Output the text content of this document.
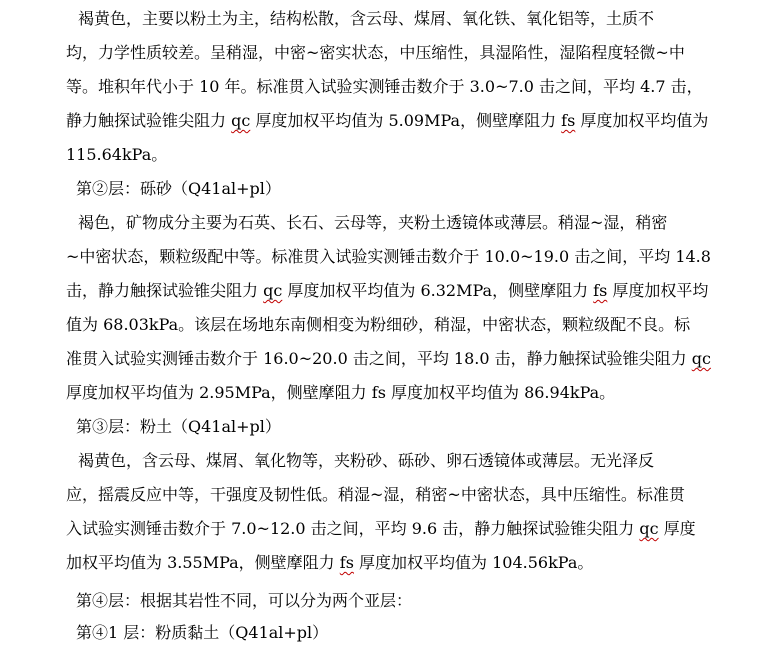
褐黄色，主要以粉土为主，结构松散，含云母、煤屑、氧化铁、氧化铝等，土质不
均，力学性质较差。呈稍湿，中密~密实状态，中压缩性，具湿陷性，湿陷程度轻微~中
等。堆积年代小于 10 年。标准贯入试验实测锤击数介于 3.0~7.0 击之间，平均 4.7 击，
静力触探试验锥尖阻力 qc 厚度加权平均值为 5.09MPa，侧壁摩阻力 fs 厚度加权平均值为
115.64kPa。
第②层：砾砂（Q41al+pl）
褐色，矿物成分主要为石英、长石、云母等，夹粉土透镜体或薄层。稍湿~湿，稍密
~中密状态，颗粒级配中等。标准贯入试验实测锤击数介于 10.0~19.0 击之间，平均 14.8
击，静力触探试验锥尖阻力 qc 厚度加权平均值为 6.32MPa，侧壁摩阻力 fs 厚度加权平均
值为 68.03kPa。该层在场地东南侧相变为粉细砂，稍湿，中密状态，颗粒级配不良。标
准贯入试验实测锤击数介于 16.0~20.0 击之间，平均 18.0 击，静力触探试验锥尖阻力 qc
厚度加权平均值为 2.95MPa，侧壁摩阻力 fs 厚度加权平均值为 86.94kPa。
第③层：粉土（Q41al+pl）
褐黄色，含云母、煤屑、氧化物等，夹粉砂、砾砂、卵石透镜体或薄层。无光泽反
应，摇震反应中等，干强度及韧性低。稍湿~湿，稍密~中密状态，具中压缩性。标准贯
入试验实测锤击数介于 7.0~12.0 击之间，平均 9.6 击，静力触探试验锥尖阻力 qc 厚度
加权平均值为 3.55MPa，侧壁摩阻力 fs 厚度加权平均值为 104.56kPa。
第④层：根据其岩性不同，可以分为两个亚层：
第④1 层：粉质黏土（Q41al+pl）
